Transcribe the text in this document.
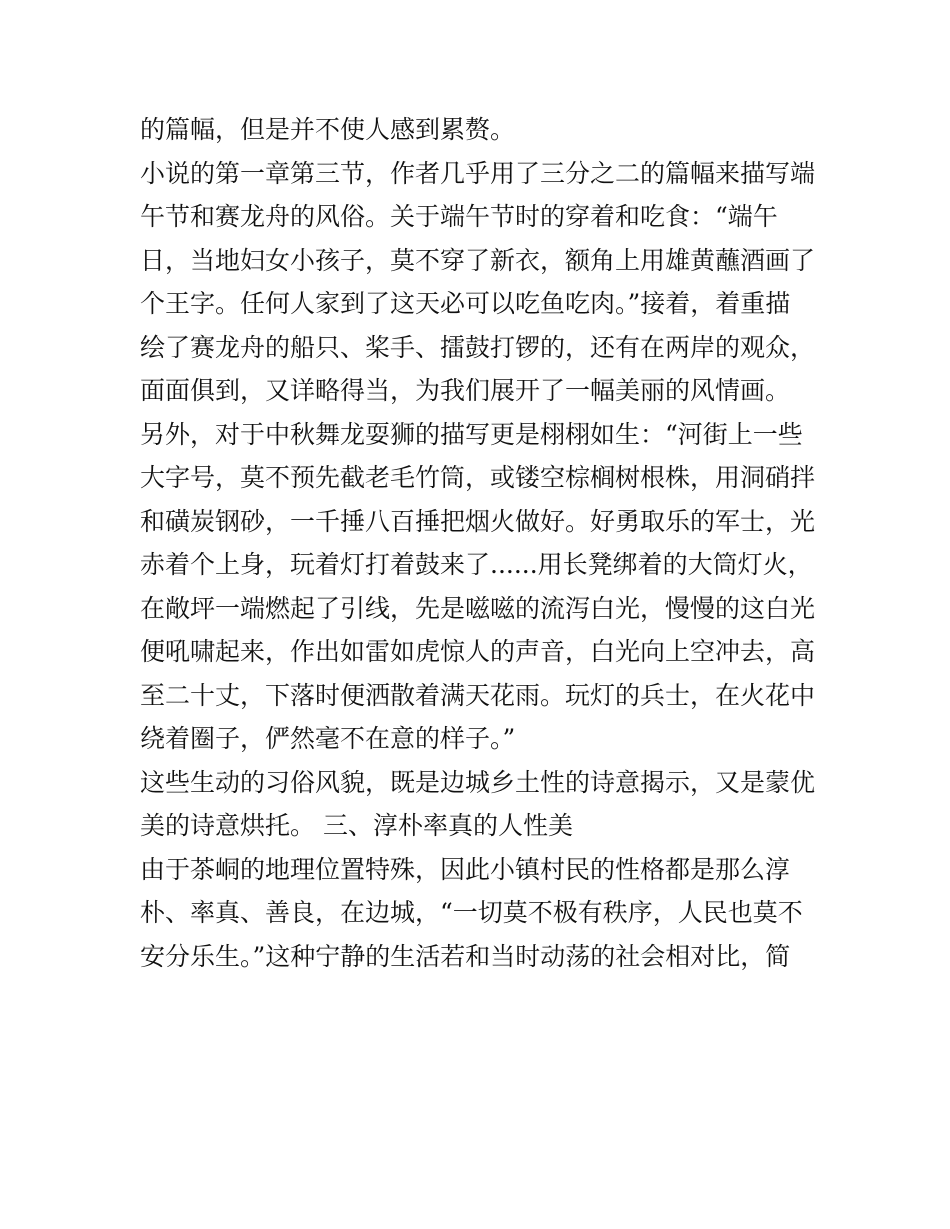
的篇幅，但是并不使人感到累赘。
小说的第一章第三节，作者几乎用了三分之二的篇幅来描写端
午节和赛龙舟的风俗。关于端午节时的穿着和吃食：“端午
日，当地妇女小孩子，莫不穿了新衣，额角上用雄黄蘸酒画了
个王字。任何人家到了这天必可以吃鱼吃肉。”接着，着重描
绘了赛龙舟的船只、桨手、擂鼓打锣的，还有在两岸的观众，
面面俱到，又详略得当，为我们展开了一幅美丽的风情画。
另外，对于中秋舞龙耍狮的描写更是栩栩如生：“河街上一些
大字号，莫不预先截老毛竹筒，或镂空棕榈树根株，用洞硝拌
和磺炭钢砂，一千捶八百捶把烟火做好。好勇取乐的军士，光
赤着个上身，玩着灯打着鼓来了......用长凳绑着的大筒灯火，
在敞坪一端燃起了引线，先是嗞嗞的流泻白光，慢慢的这白光
便吼啸起来，作出如雷如虎惊人的声音，白光向上空冲去，高
至二十丈，下落时便洒散着满天花雨。玩灯的兵士，在火花中
绕着圈子，俨然毫不在意的样子。”
这些生动的习俗风貌，既是边城乡土性的诗意揭示，又是蒙优
美的诗意烘托。 三、淳朴率真的人性美
由于茶峒的地理位置特殊，因此小镇村民的性格都是那么淳
朴、率真、善良，在边城，“一切莫不极有秩序，人民也莫不
安分乐生。”这种宁静的生活若和当时动荡的社会相对比，简
